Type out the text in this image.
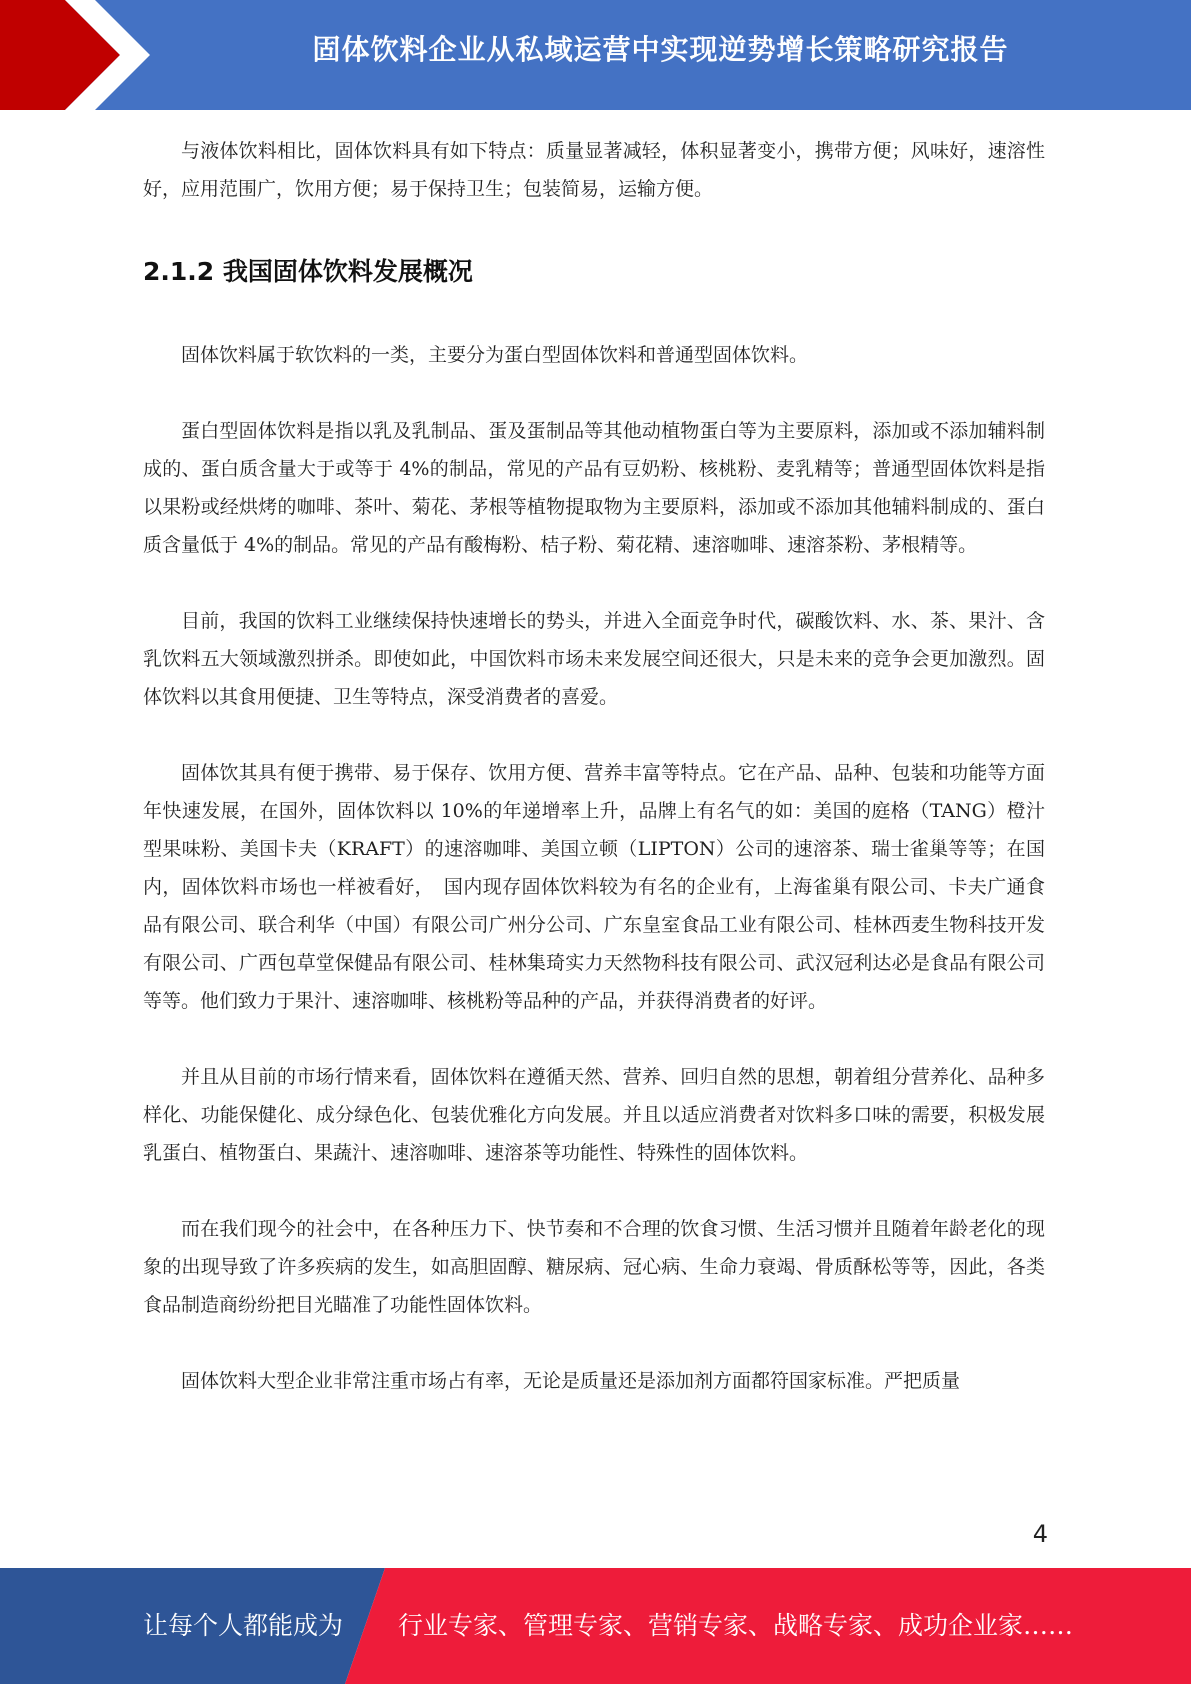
固体饮料企业从私域运营中实现逆势增长策略研究报告

与液体饮料相比，固体饮料具有如下特点：质量显著减轻，体积显著变小，携带方便；风味好，速溶性好，应用范围广，饮用方便；易于保持卫生；包装简易，运输方便。

2.1.2 我国固体饮料发展概况

固体饮料属于软饮料的一类，主要分为蛋白型固体饮料和普通型固体饮料。

蛋白型固体饮料是指以乳及乳制品、蛋及蛋制品等其他动植物蛋白等为主要原料，添加或不添加辅料制成的、蛋白质含量大于或等于 4%的制品，常见的产品有豆奶粉、核桃粉、麦乳精等；普通型固体饮料是指以果粉或经烘烤的咖啡、茶叶、菊花、茅根等植物提取物为主要原料，添加或不添加其他辅料制成的、蛋白质含量低于 4%的制品。常见的产品有酸梅粉、桔子粉、菊花精、速溶咖啡、速溶茶粉、茅根精等。

目前，我国的饮料工业继续保持快速增长的势头，并进入全面竞争时代，碳酸饮料、水、茶、果汁、含乳饮料五大领域激烈拼杀。即使如此，中国饮料市场未来发展空间还很大，只是未来的竞争会更加激烈。固体饮料以其食用便捷、卫生等特点，深受消费者的喜爱。

固体饮其具有便于携带、易于保存、饮用方便、营养丰富等特点。它在产品、品种、包装和功能等方面年快速发展，在国外，固体饮料以 10%的年递增率上升，品牌上有名气的如：美国的庭格（TANG）橙汁型果味粉、美国卡夫（KRAFT）的速溶咖啡、美国立顿（LIPTON）公司的速溶茶、瑞士雀巢等等；在国内，固体饮料市场也一样被看好，　国内现存固体饮料较为有名的企业有，上海雀巢有限公司、卡夫广通食品有限公司、联合利华（中国）有限公司广州分公司、广东皇室食品工业有限公司、桂林西麦生物科技开发有限公司、广西包草堂保健品有限公司、桂林集琦实力天然物科技有限公司、武汉冠利达必是食品有限公司等等。他们致力于果汁、速溶咖啡、核桃粉等品种的产品，并获得消费者的好评。

并且从目前的市场行情来看，固体饮料在遵循天然、营养、回归自然的思想，朝着组分营养化、品种多样化、功能保健化、成分绿色化、包装优雅化方向发展。并且以适应消费者对饮料多口味的需要，积极发展乳蛋白、植物蛋白、果蔬汁、速溶咖啡、速溶茶等功能性、特殊性的固体饮料。

而在我们现今的社会中，在各种压力下、快节奏和不合理的饮食习惯、生活习惯并且随着年龄老化的现象的出现导致了许多疾病的发生，如高胆固醇、糖尿病、冠心病、生命力衰竭、骨质酥松等等，因此，各类食品制造商纷纷把目光瞄准了功能性固体饮料。

固体饮料大型企业非常注重市场占有率，无论是质量还是添加剂方面都符国家标准。严把质量

4
让每个人都能成为 行业专家、管理专家、营销专家、战略专家、成功企业家……
